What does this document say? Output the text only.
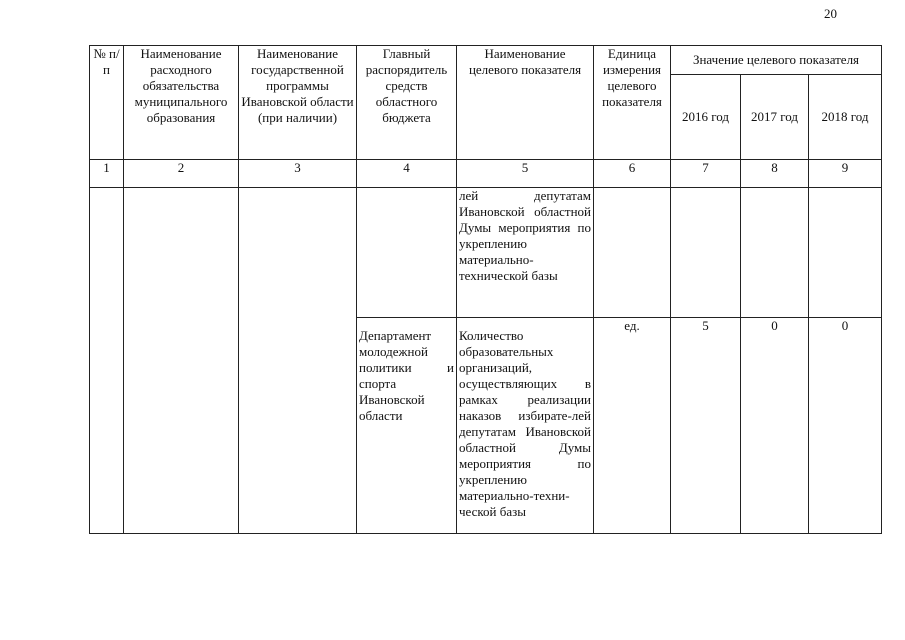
20
№ п/п	Наименование расходного обязательства муниципального образования	Наименование государственной программы Ивановской области (при наличии)	Главный распорядитель средств областного бюджета	Наименование целевого показателя	Единица измерения целевого показателя	Значение целевого показателя		
						2016 год	2017 год	2018 год
1	2	3	4	5	6	7	8	9
				лей депутатам Ивановской областной Думы мероприятия по укреплению материально-технической базы				
			Департамент молодежной политики и спорта Ивановской области	Количество образовательных организаций, осуществляющих в рамках реализации наказов избирате-лей депутатам Ивановской областной Думы мероприятия по укреплению материально-техни-ческой базы	ед.	5	0	0
